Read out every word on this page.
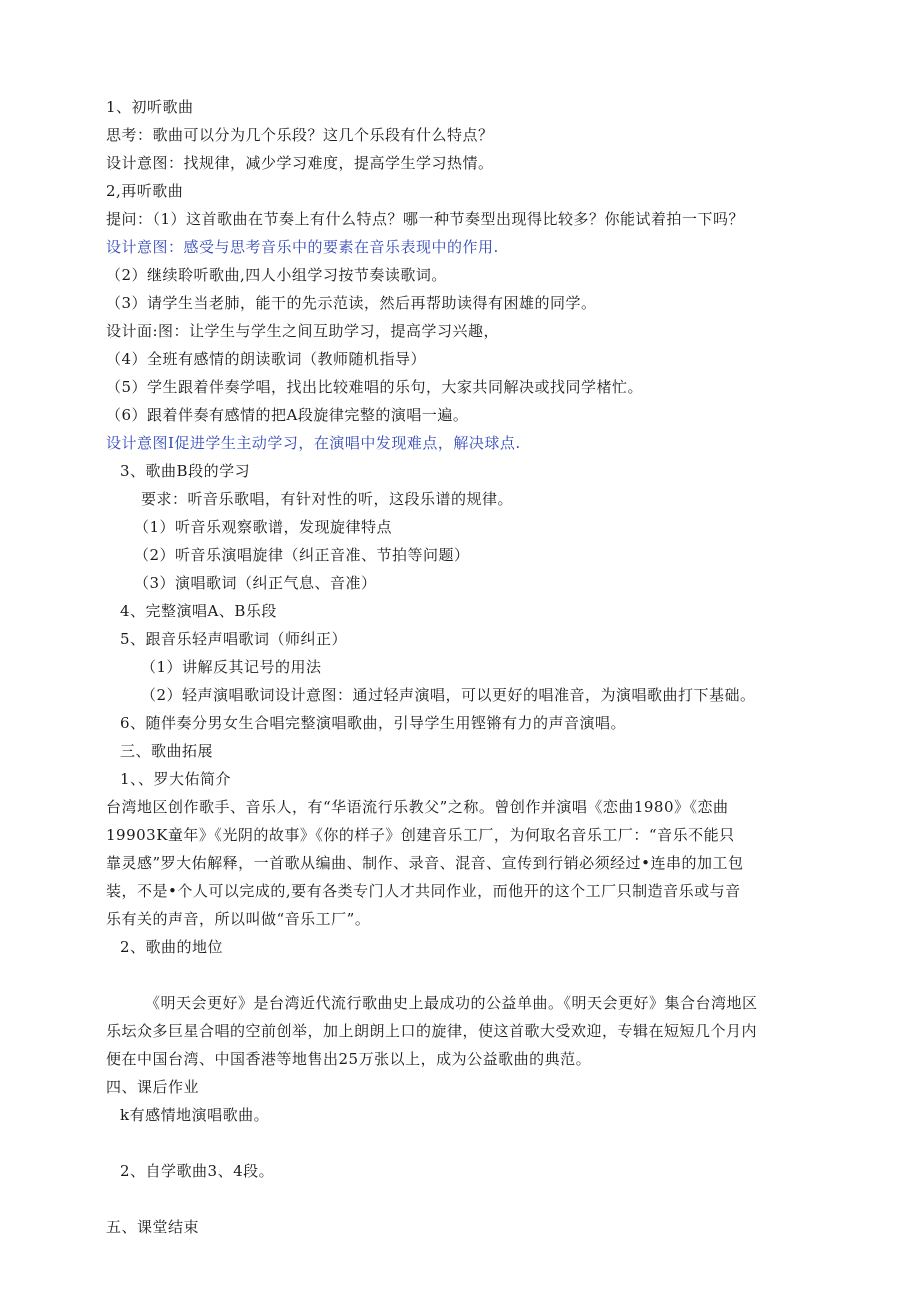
1、初听歌曲
思考：歌曲可以分为几个乐段？这几个乐段有什么特点？
设计意图：找规律，减少学习难度，提高学生学习热情。
2,再听歌曲
提问：（1）这首歌曲在节奏上有什么特点？哪一种节奏型出现得比较多？你能试着拍一下吗？
设计意图：感受与思考音乐中的要素在音乐表现中的作用.
（2）继续聆听歌曲,四人小组学习按节奏读歌词。
（3）请学生当老肺，能干的先示范读，然后再帮助读得有困雄的同学。
设计面:图：让学生与学生之间互助学习，提高学习兴趣，
（4）全班有感情的朗读歌词（教师随机指导）
（5）学生跟着伴奏学唱，找出比较难唱的乐句，大家共同解决或找同学楮忙。
（6）跟着伴奏有感情的把A段旋律完整的演唱一遍。
设计意图I促进学生主动学习，在演唱中发现难点，解决球点.
3、歌曲B段的学习
要求：听音乐歌唱，有针对性的听，这段乐谱的规律。
（1）听音乐观察歌谱，发现旋律特点
（2）听音乐演唱旋律（纠正音准、节拍等问题）
（3）演唱歌词（纠正气息、音准）
4、完整演唱A、B乐段
5、跟音乐轻声唱歌词（师纠正）
（1）讲解反其记号的用法
（2）轻声演唱歌词设计意图：通过轻声演唱，可以更好的唱准音，为演唱歌曲打下基础。
6、随伴奏分男女生合唱完整演唱歌曲，引导学生用铿锵有力的声音演唱。
三、歌曲拓展
1、、罗大佑简介
台湾地区创作歌手、音乐人，有“华语流行乐教父”之称。曾创作并演唱《恋曲1980》《恋曲
19903K童年》《光阴的故事》《你的样子》创建音乐工厂，为何取名音乐工厂：“音乐不能只
靠灵感”罗大佑解释，一首歌从编曲、制作、录音、混音、宣传到行销必须经过•连串的加工包
装，不是•个人可以完成的,要有各类专门人才共同作业，而他开的这个工厂只制造音乐或与音
乐有关的声音，所以叫做“音乐工厂”。
2、歌曲的地位
《明天会更好》是台湾近代流行歌曲史上最成功的公益单曲。《明天会更好》集合台湾地区
乐坛众多巨星合唱的空前创举，加上朗朗上口的旋律，使这首歌大受欢迎，专辑在短短几个月内
便在中国台湾、中国香港等地售出25万张以上，成为公益歌曲的典范。
四、课后作业
k有感情地演唱歌曲。
2、自学歌曲3、4段。
五、课堂结束
